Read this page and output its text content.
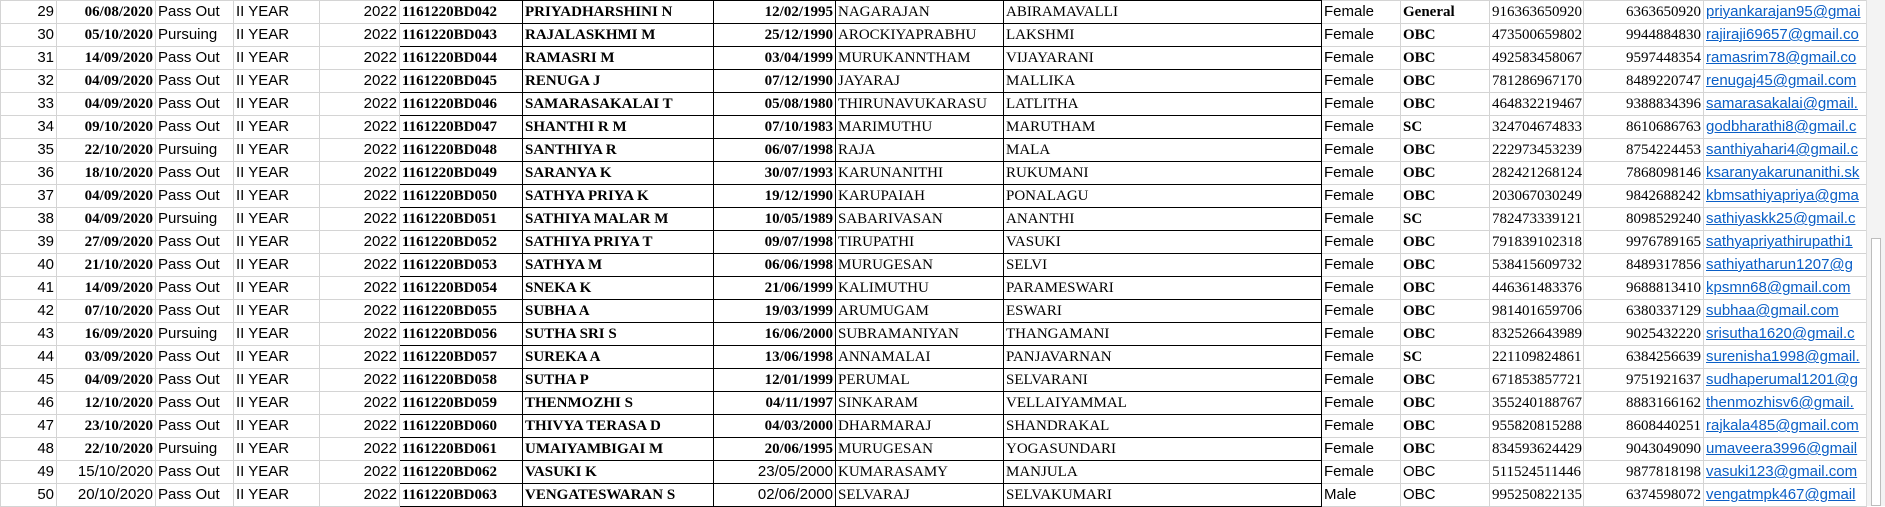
29	06/08/2020	Pass Out	II YEAR	2022	1161220BD042	PRIYADHARSHINI N	12/02/1995	NAGARAJAN	ABIRAMAVALLI	Female	General	916363650920	6363650920	priyankarajan95@gmai
30	05/10/2020	Pursuing	II YEAR	2022	1161220BD043	RAJALASKHMI M	25/12/1990	AROCKIYAPRABHU	LAKSHMI	Female	OBC	473500659802	9944884830	rajiraji69657@gmail.co
31	14/09/2020	Pass Out	II YEAR	2022	1161220BD044	RAMASRI M	03/04/1999	MURUKANNTHAM	VIJAYARANI	Female	OBC	492583458067	9597448354	ramasrim78@gmail.co
32	04/09/2020	Pass Out	II YEAR	2022	1161220BD045	RENUGA J	07/12/1990	JAYARAJ	MALLIKA	Female	OBC	781286967170	8489220747	renugaj45@gmail.com
33	04/09/2020	Pass Out	II YEAR	2022	1161220BD046	SAMARASAKALAI T	05/08/1980	THIRUNAVUKARASU	LATLITHA	Female	OBC	464832219467	9388834396	samarasakalai@gmail.
34	09/10/2020	Pass Out	II YEAR	2022	1161220BD047	SHANTHI R M	07/10/1983	MARIMUTHU	MARUTHAM	Female	SC	324704674833	8610686763	godbharathi8@gmail.c
35	22/10/2020	Pursuing	II YEAR	2022	1161220BD048	SANTHIYA R	06/07/1998	RAJA	MALA	Female	OBC	222973453239	8754224453	santhiyahari4@gmail.c
36	18/10/2020	Pass Out	II YEAR	2022	1161220BD049	SARANYA K	30/07/1993	KARUNANITHI	RUKUMANI	Female	OBC	282421268124	7868098146	ksaranyakarunanithi.sk
37	04/09/2020	Pass Out	II YEAR	2022	1161220BD050	SATHYA PRIYA K	19/12/1990	KARUPAIAH	PONALAGU	Female	OBC	203067030249	9842688242	kbmsathiyapriya@gma
38	04/09/2020	Pursuing	II YEAR	2022	1161220BD051	SATHIYA MALAR M	10/05/1989	SABARIVASAN	ANANTHI	Female	SC	782473339121	8098529240	sathiyaskk25@gmail.c
39	27/09/2020	Pass Out	II YEAR	2022	1161220BD052	SATHIYA PRIYA T	09/07/1998	TIRUPATHI	VASUKI	Female	OBC	791839102318	9976789165	sathyapriyathirupathi1
40	21/10/2020	Pass Out	II YEAR	2022	1161220BD053	SATHYA M	06/06/1998	MURUGESAN	SELVI	Female	OBC	538415609732	8489317856	sathiyatharun1207@g
41	14/09/2020	Pass Out	II YEAR	2022	1161220BD054	SNEKA K	21/06/1999	KALIMUTHU	PARAMESWARI	Female	OBC	446361483376	9688813410	kpsmn68@gmail.com
42	07/10/2020	Pass Out	II YEAR	2022	1161220BD055	SUBHA A	19/03/1999	ARUMUGAM	ESWARI	Female	OBC	981401659706	6380337129	subhaa@gmail.com
43	16/09/2020	Pursuing	II YEAR	2022	1161220BD056	SUTHA SRI S	16/06/2000	SUBRAMANIYAN	THANGAMANI	Female	OBC	832526643989	9025432220	srisutha1620@gmail.c
44	03/09/2020	Pass Out	II YEAR	2022	1161220BD057	SUREKA A	13/06/1998	ANNAMALAI	PANJAVARNAN	Female	SC	221109824861	6384256639	surenisha1998@gmail.
45	04/09/2020	Pass Out	II YEAR	2022	1161220BD058	SUTHA P	12/01/1999	PERUMAL	SELVARANI	Female	OBC	671853857721	9751921637	sudhaperumal1201@g
46	12/10/2020	Pass Out	II YEAR	2022	1161220BD059	THENMOZHI S	04/11/1997	SINKARAM	VELLAIYAMMAL	Female	OBC	355240188767	8883166162	thenmozhisv6@gmail.
47	23/10/2020	Pass Out	II YEAR	2022	1161220BD060	THIVYA TERASA D	04/03/2000	DHARMARAJ	SHANDRAKAL	Female	OBC	955820815288	8608440251	rajkala485@gmail.com
48	22/10/2020	Pursuing	II YEAR	2022	1161220BD061	UMAIYAMBIGAI M	20/06/1995	MURUGESAN	YOGASUNDARI	Female	OBC	834593624429	9043049090	umaveera3996@gmail
49	15/10/2020	Pass Out	II YEAR	2022	1161220BD062	VASUKI K	23/05/2000	KUMARASAMY	MANJULA	Female	OBC	511524511446	9877818198	vasuki123@gmail.com
50	20/10/2020	Pass Out	II YEAR	2022	1161220BD063	VENGATESWARAN S	02/06/2000	SELVARAJ	SELVAKUMARI	Male	OBC	995250822135	6374598072	vengatmpk467@gmail
